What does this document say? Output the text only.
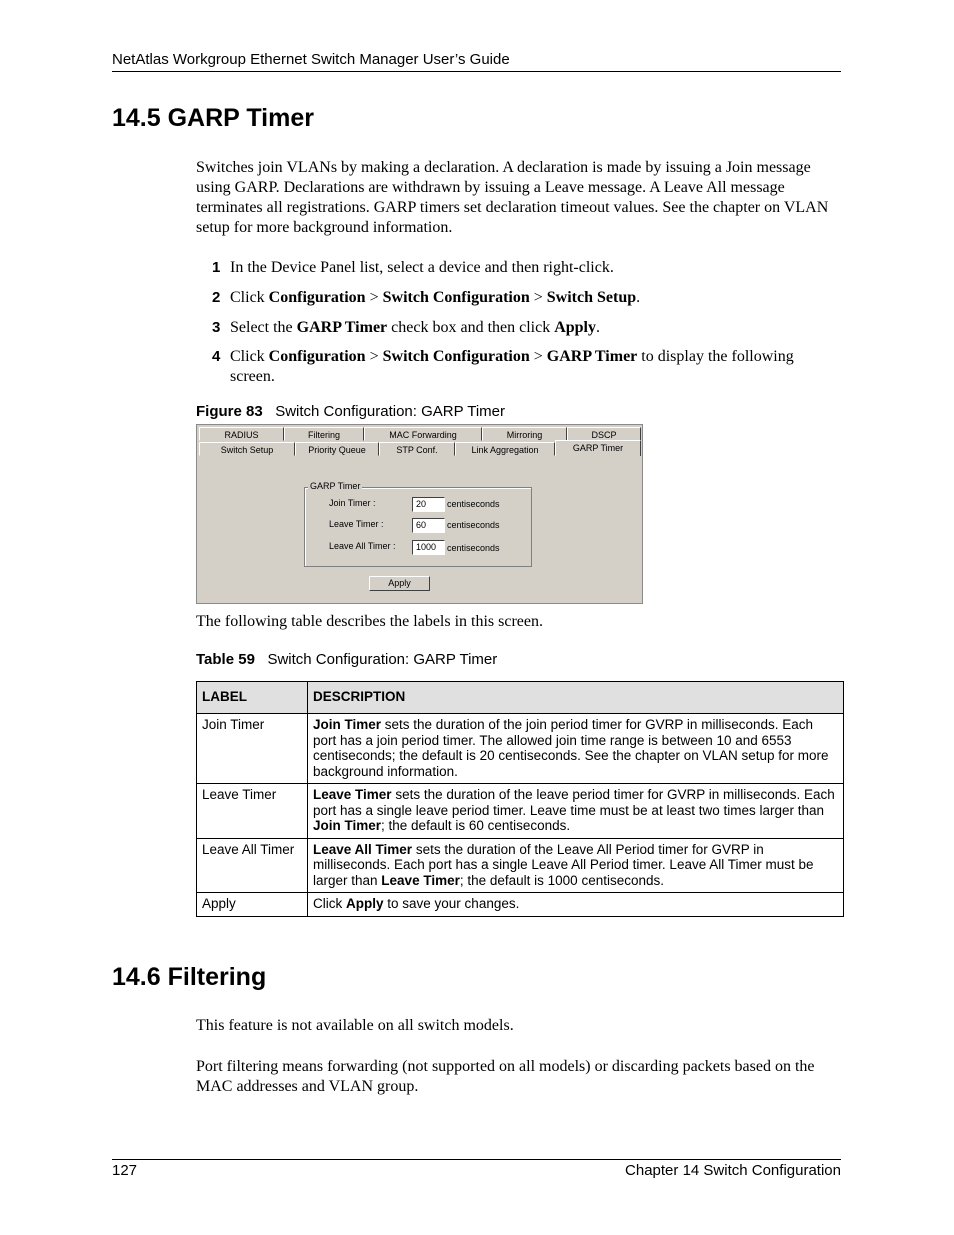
NetAtlas Workgroup Ethernet Switch Manager User’s Guide
14.5 GARP Timer

Switches join VLANs by making a declaration. A declaration is made by issuing a Join message using GARP. Declarations are withdrawn by issuing a Leave message. A Leave All message terminates all registrations. GARP timers set declaration timeout values. See the chapter on VLAN setup for more background information.

1 In the Device Panel list, select a device and then right-click.
2 Click Configuration > Switch Configuration > Switch Setup.
3 Select the GARP Timer check box and then click Apply.
4 Click Configuration > Switch Configuration > GARP Timer to display the following screen.
Figure 83 Switch Configuration: GARP Timer
RADIUS	Filtering	MAC Forwarding	Mirroring	DSCP
Switch Setup	Priority Queue	STP Conf.	Link Aggregation	GARP Timer
GARP Timer
Join Timer :	20	centiseconds
Leave Timer :	60	centiseconds
Leave All Timer :	1000	centiseconds
Apply

The following table describes the labels in this screen.

Table 59 Switch Configuration: GARP Timer
LABEL	DESCRIPTION
Join Timer	Join Timer sets the duration of the join period timer for GVRP in milliseconds. Each port has a join period timer. The allowed join time range is between 10 and 6553 centiseconds; the default is 20 centiseconds. See the chapter on VLAN setup for more background information.
Leave Timer	Leave Timer sets the duration of the leave period timer for GVRP in milliseconds. Each port has a single leave period timer. Leave time must be at least two times larger than Join Timer; the default is 60 centiseconds.
Leave All Timer	Leave All Timer sets the duration of the Leave All Period timer for GVRP in milliseconds. Each port has a single Leave All Period timer. Leave All Timer must be larger than Leave Timer; the default is 1000 centiseconds.
Apply	Click Apply to save your changes.
14.6 Filtering

This feature is not available on all switch models.

Port filtering means forwarding (not supported on all models) or discarding packets based on the MAC addresses and VLAN group.

127	Chapter 14 Switch Configuration
